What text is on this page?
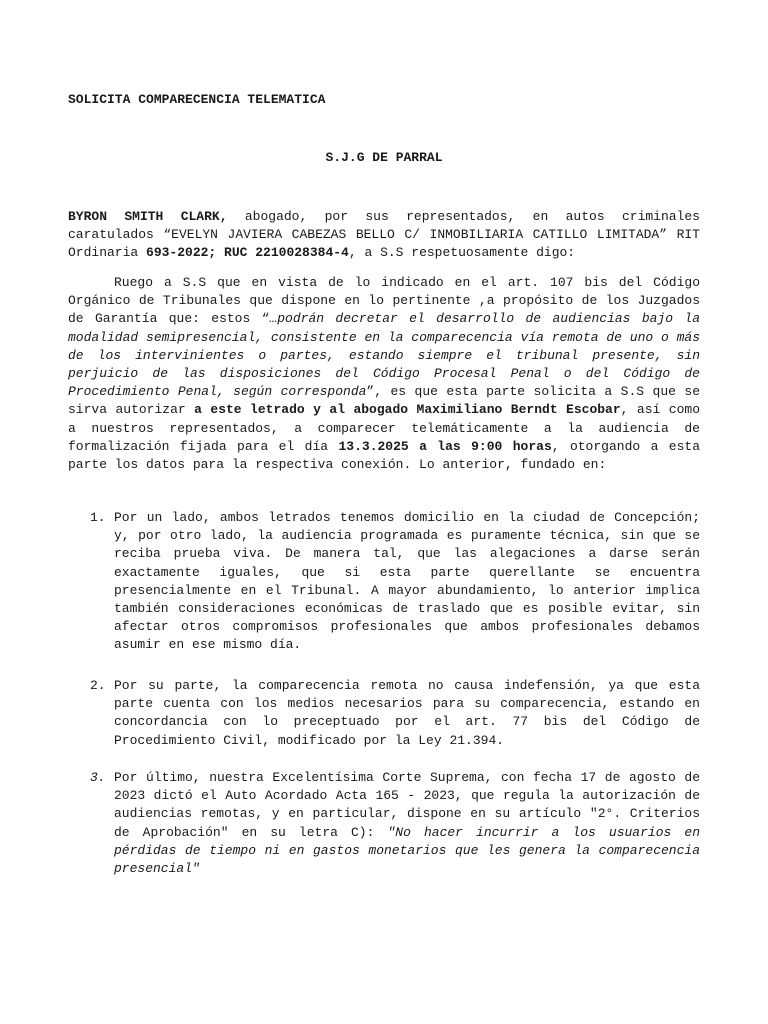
SOLICITA COMPARECENCIA TELEMATICA
S.J.G DE PARRAL
BYRON SMITH CLARK, abogado, por sus representados, en autos criminales caratulados “EVELYN JAVIERA CABEZAS BELLO C/ INMOBILIARIA CATILLO LIMITADA” RIT Ordinaria 693-2022; RUC 2210028384-4, a S.S respetuosamente digo:
Ruego a S.S que en vista de lo indicado en el art. 107 bis del Código Orgánico de Tribunales que dispone en lo pertinente ,a propósito de los Juzgados de Garantía que: estos “…podrán decretar el desarrollo de audiencias bajo la modalidad semipresencial, consistente en la comparecencia vía remota de uno o más de los intervinientes o partes, estando siempre el tribunal presente, sin perjuicio de las disposiciones del Código Procesal Penal o del Código de Procedimiento Penal, según corresponda”, es que esta parte solicita a S.S que se sirva autorizar a este letrado y al abogado Maximiliano Berndt Escobar, así como a nuestros representados, a comparecer telemáticamente a la audiencia de formalización fijada para el día 13.3.2025 a las 9:00 horas, otorgando a esta parte los datos para la respectiva conexión. Lo anterior, fundado en:
1. Por un lado, ambos letrados tenemos domicilio en la ciudad de Concepción; y, por otro lado, la audiencia programada es puramente técnica, sin que se reciba prueba viva. De manera tal, que las alegaciones a darse serán exactamente iguales, que si esta parte querellante se encuentra presencialmente en el Tribunal. A mayor abundamiento, lo anterior implica también consideraciones económicas de traslado que es posible evitar, sin afectar otros compromisos profesionales que ambos profesionales debamos asumir en ese mismo día.
2. Por su parte, la comparecencia remota no causa indefensión, ya que esta parte cuenta con los medios necesarios para su comparecencia, estando en concordancia con lo preceptuado por el art. 77 bis del Código de Procedimiento Civil, modificado por la Ley 21.394.
3. Por último, nuestra Excelentísima Corte Suprema, con fecha 17 de agosto de 2023 dictó el Auto Acordado Acta 165 - 2023, que regula la autorización de audiencias remotas, y en particular, dispone en su artículo "2°. Criterios de Aprobación" en su letra C): "No hacer incurrir a los usuarios en pérdidas de tiempo ni en gastos monetarios que les genera la comparecencia presencial"
